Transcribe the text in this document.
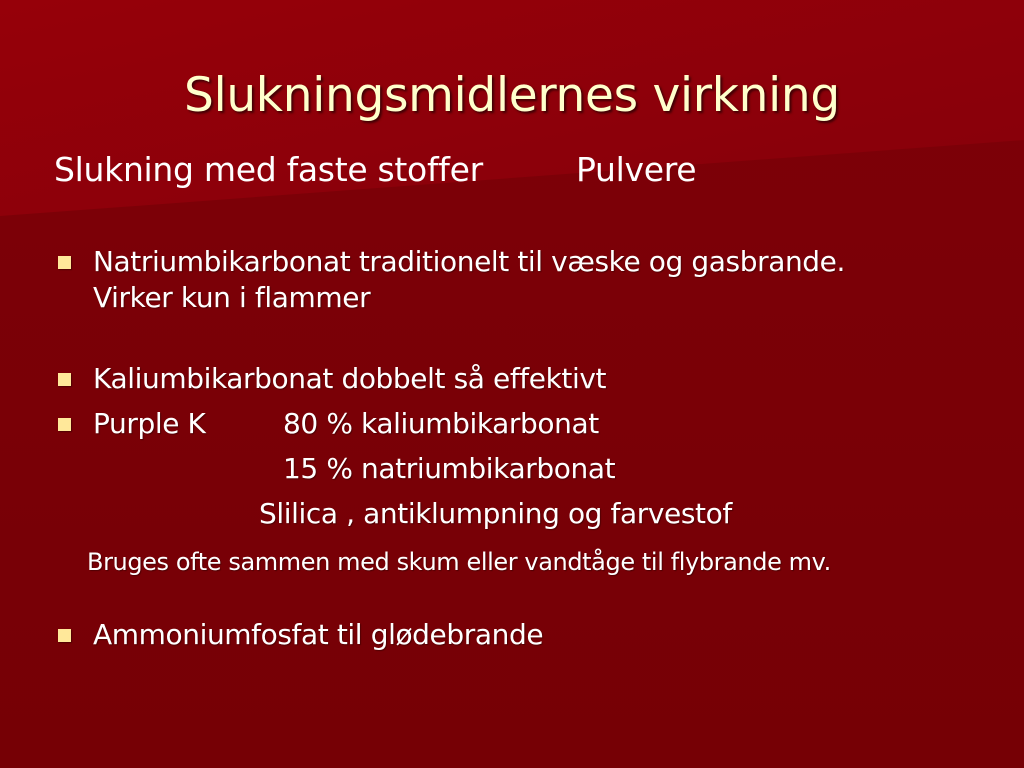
Slukningsmidlernes virkning
Slukning med faste stoffer	Pulvere
Natriumbikarbonat traditionelt til væske og gasbrande.
Virker kun i flammer
Kaliumbikarbonat dobbelt så effektivt
Purple K	80 % kaliumbikarbonat
15 % natriumbikarbonat
Slilica , antiklumpning og farvestof
Bruges ofte sammen med skum eller vandtåge til flybrande mv.
Ammoniumfosfat til glødebrande
